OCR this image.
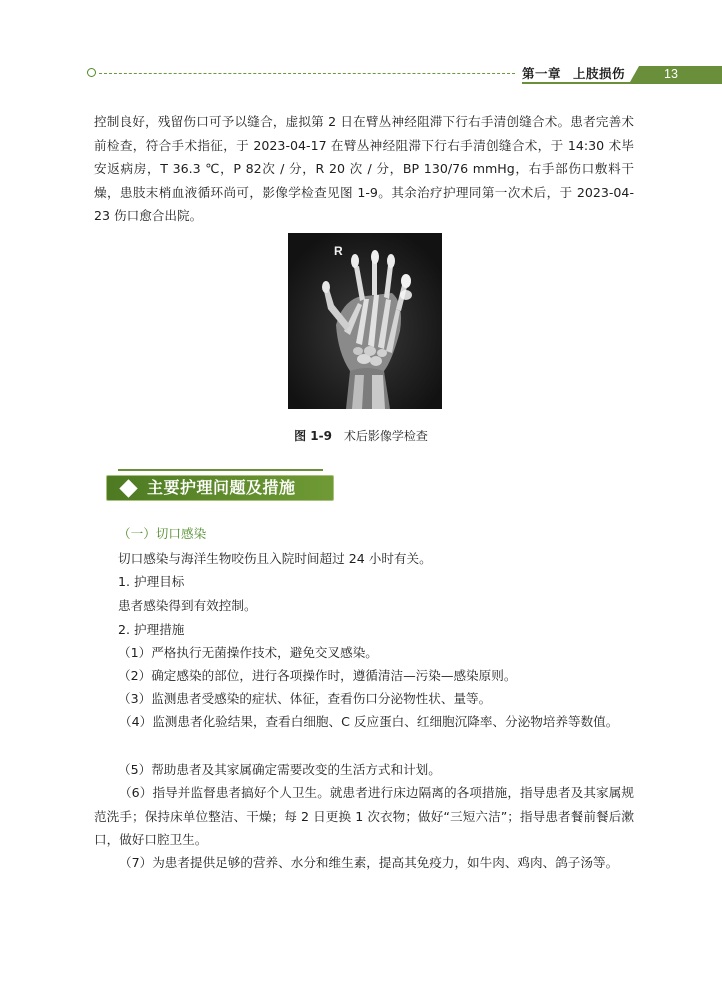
第一章 上肢损伤	13

控制良好，残留伤口可予以缝合，虚拟第 2 日在臂丛神经阻滞下行右手清创缝合术。患者完善术前检查，符合手术指征，于 2023-04-17 在臂丛神经阻滞下行右手清创缝合术，于 14:30 术毕安返病房，T 36.3 ℃，P 82次 / 分，R 20 次 / 分，BP 130/76 mmHg，右手部伤口敷料干燥，患肢末梢血液循环尚可，影像学检查见图 1-9。其余治疗护理同第一次术后，于 2023-04-23 伤口愈合出院。

R
图 1-9 术后影像学检查
主要护理问题及措施
（一）切口感染

切口感染与海洋生物咬伤且入院时间超过 24 小时有关。

1. 护理目标

患者感染得到有效控制。

2. 护理措施

（1）严格执行无菌操作技术，避免交叉感染。

（2）确定感染的部位，进行各项操作时，遵循清洁—污染—感染原则。

（3）监测患者受感染的症状、体征，查看伤口分泌物性状、量等。

（4）监测患者化验结果，查看白细胞、C 反应蛋白、红细胞沉降率、分泌物培养等数值。

（5）帮助患者及其家属确定需要改变的生活方式和计划。

（6）指导并监督患者搞好个人卫生。就患者进行床边隔离的各项措施，指导患者及其家属规范洗手；保持床单位整洁、干燥；每 2 日更换 1 次衣物；做好“三短六洁”；指导患者餐前餐后漱口，做好口腔卫生。

（7）为患者提供足够的营养、水分和维生素，提高其免疫力，如牛肉、鸡肉、鸽子汤等。
